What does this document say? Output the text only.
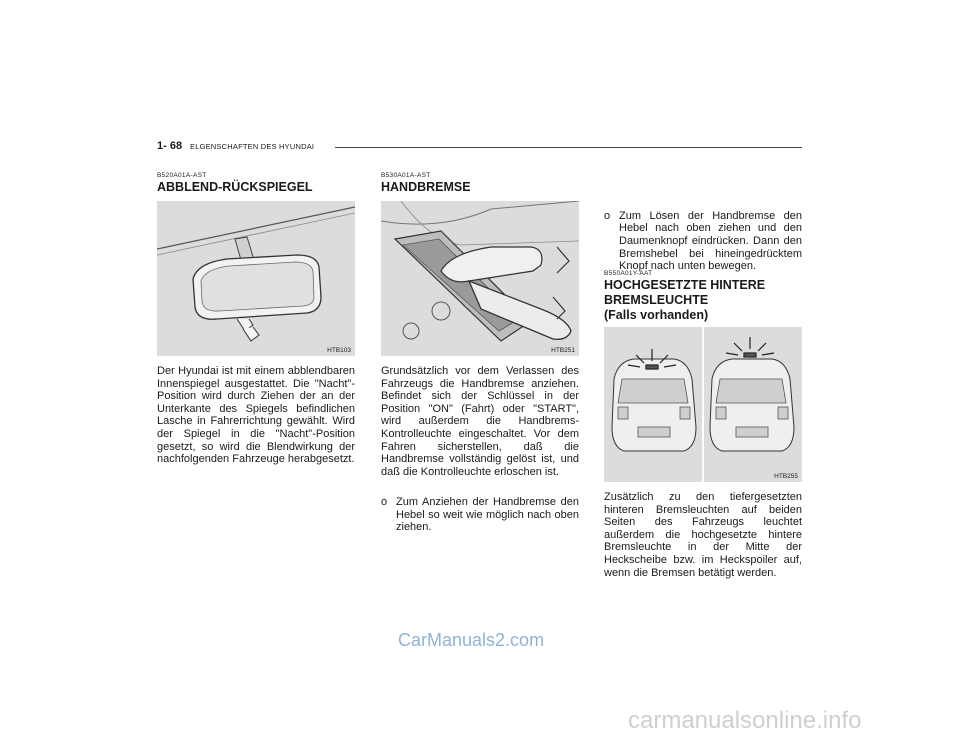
1- 68 ELGENSCHAFTEN DES HYUNDAI
B520A01A-AST
ABBLEND-RÜCKSPIEGEL
HTB103
Der Hyundai ist mit einem abblendbaren Innenspiegel ausgestattet. Die "Nacht"-Position wird durch Ziehen der an der Unterkante des Spiegels befindlichen Lasche in Fahrerrichtung gewählt. Wird der Spiegel in die "Nacht"-Position gesetzt, so wird die Blendwirkung der nachfolgenden Fahrzeuge herabgesetzt.
B530A01A-AST
HANDBREMSE
HTB251
Grundsätzlich vor dem Verlassen des Fahrzeugs die Handbremse anziehen. Befindet sich der Schlüssel in der Position "ON" (Fahrt) oder "START", wird außerdem die Handbrems-Kontrolleuchte eingeschaltet. Vor dem Fahren sicherstellen, daß die Handbremse vollständig gelöst ist, und daß die Kontrolleuchte erloschen ist.
o Zum Anziehen der Handbremse den Hebel so weit wie möglich nach oben ziehen.
o Zum Lösen der Handbremse den Hebel nach oben ziehen und den Daumenknopf eindrücken. Dann den Bremshebel bei hineingedrücktem Knopf nach unten bewegen.
B550A01Y-AAT
HOCHGESETZTE HINTERE
BREMSLEUCHTE
(Falls vorhanden)
HTB255
Zusätzlich zu den tiefergesetzten hinteren Bremsleuchten auf beiden Seiten des Fahrzeugs leuchtet außerdem die hochgesetzte hintere Bremsleuchte in der Mitte der Heckscheibe bzw. im Heckspoiler auf, wenn die Bremsen betätigt werden.
CarManuals2.com
carmanualsonline.info
